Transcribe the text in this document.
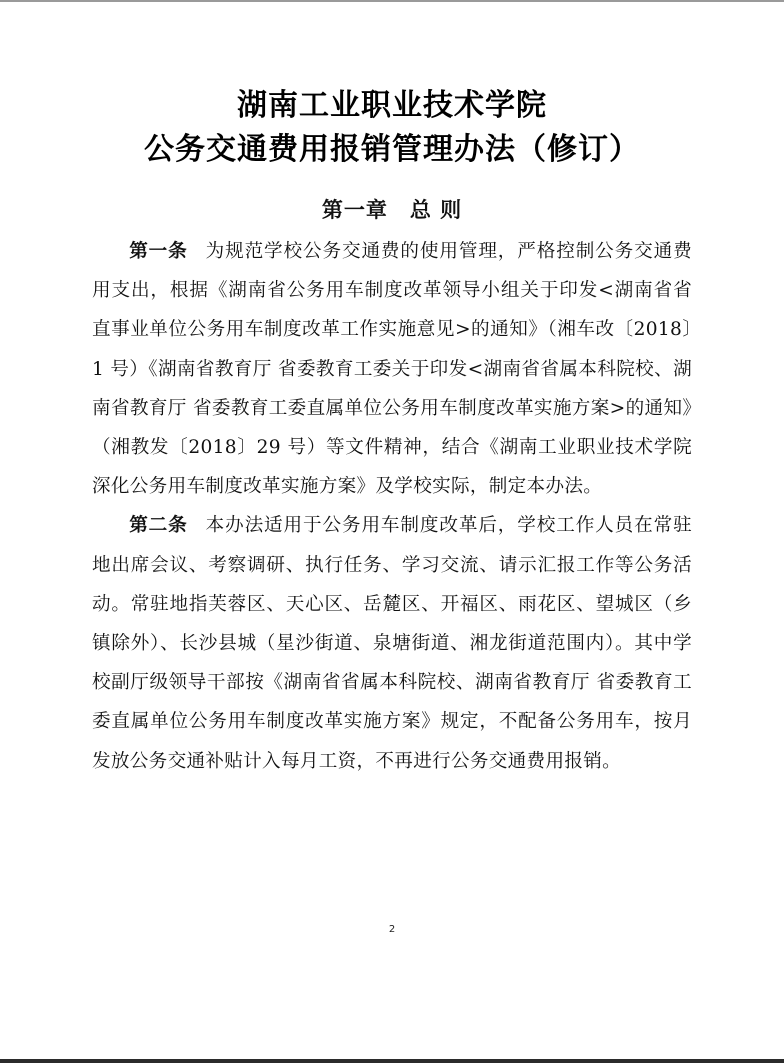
湖南工业职业技术学院
公务交通费用报销管理办法（修订）
第一章 总 则

第一条 为规范学校公务交通费的使用管理，严格控制公务交通费用支出，根据《湖南省公务用车制度改革领导小组关于印发<湖南省省直事业单位公务用车制度改革工作实施意见>的通知》（湘车改〔2018〕1 号）《湖南省教育厅 省委教育工委关于印发<湖南省省属本科院校、湖南省教育厅 省委教育工委直属单位公务用车制度改革实施方案>的通知》（湘教发〔2018〕29 号）等文件精神，结合《湖南工业职业技术学院深化公务用车制度改革实施方案》及学校实际，制定本办法。

第二条 本办法适用于公务用车制度改革后，学校工作人员在常驻地出席会议、考察调研、执行任务、学习交流、请示汇报工作等公务活动。常驻地指芙蓉区、天心区、岳麓区、开福区、雨花区、望城区（乡镇除外）、长沙县城（星沙街道、泉塘街道、湘龙街道范围内）。其中学校副厅级领导干部按《湖南省省属本科院校、湖南省教育厅 省委教育工委直属单位公务用车制度改革实施方案》规定，不配备公务用车，按月发放公务交通补贴计入每月工资，不再进行公务交通费用报销。

2
